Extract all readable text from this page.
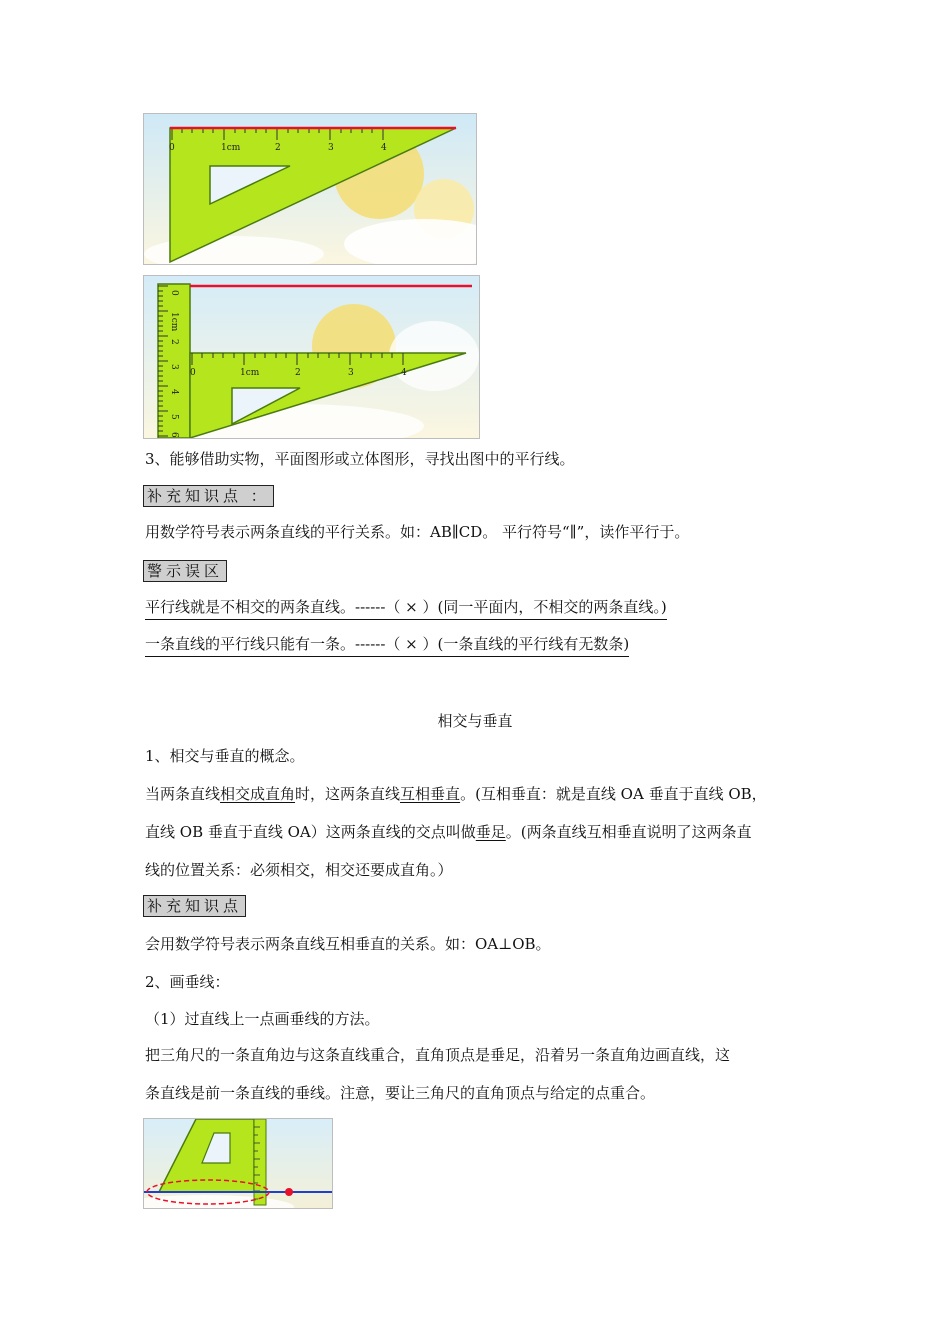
0	1cm	2	3	4
0
1cm
2
3
4
5
6
0	1cm	2	3	4
3、能够借助实物，平面图形或立体图形，寻找出图中的平行线。
补充知识点 ：
用数学符号表示两条直线的平行关系。如：AB∥CD。 平行符号“∥”，读作平行于。
警示误区
平行线就是不相交的两条直线。------（ × ）(同一平面内，不相交的两条直线。)
一条直线的平行线只能有一条。------（ × ）(一条直线的平行线有无数条)
相交与垂直
1、相交与垂直的概念。
当两条直线相交成直角时，这两条直线互相垂直。(互相垂直：就是直线 OA 垂直于直线 OB，
直线 OB 垂直于直线 OA）这两条直线的交点叫做垂足。(两条直线互相垂直说明了这两条直
线的位置关系：必须相交，相交还要成直角。）
补充知识点
会用数学符号表示两条直线互相垂直的关系。如：OA⊥OB。
2、画垂线：
（1）过直线上一点画垂线的方法。
把三角尺的一条直角边与这条直线重合，直角顶点是垂足，沿着另一条直角边画直线，这
条直线是前一条直线的垂线。注意，要让三角尺的直角顶点与给定的点重合。
